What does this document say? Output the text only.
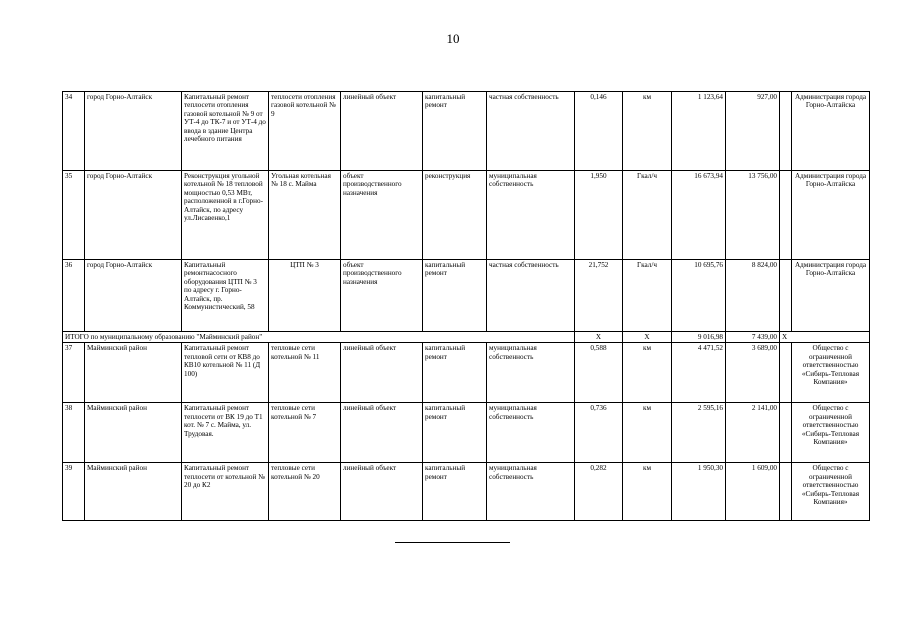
10
34	город Горно-Алтайск	Капитальный ремонт теплосети отопления газовой котельной № 9 от УТ-4 до ТК-7 и от УТ-4 до ввода в здание Центра лечебного питания	теплосети отопления газовой котельной № 9	линейный объект	капитальный ремонт	частная собственность	0,146	км	1 123,64	927,00		Администрация города Горно-Алтайска
35	город Горно-Алтайск	Реконструкция угольной котельной № 18 тепловой мощностью 0,53 МВт, расположенной в г.Горно-Алтайск, по адресу ул.Лисавенко,1	Угольная котельная № 18 с. Майма	объект производственного назначения	реконструкция	муниципальная собственность	1,950	Гкал/ч	16 673,94	13 756,00		Администрация города Горно-Алтайска
36	город Горно-Алтайск	Капитальный ремонтнасосного оборудования ЦТП № 3 по адресу г. Горно-Алтайск, пр. Коммунистический, 58	ЦТП № 3	объект производственного назначения	капитальный ремонт	частная собственность	21,752	Гкал/ч	10 695,76	8 824,00		Администрация города Горно-Алтайска
ИТОГО по муниципальному образованию "Майминский район"							Х	Х	9 016,98	7 439,00	Х	
37	Майминский район	Капитальный ремонт тепловой сети от КВ8 до КВ10 котельной № 11 (Д 100)	тепловые сети котельной № 11	линейный объект	капитальный ремонт	муниципальная собственность	0,588	км	4 471,52	3 689,00		Общество с ограниченной ответственностью «Сибирь-Тепловая Компания»
38	Майминский район	Капитальный ремонт теплосети от ВК 19 до Т1 кот. № 7 с. Майма, ул. Трудовая.	тепловые сети котельной № 7	линейный объект	капитальный ремонт	муниципальная собственность	0,736	км	2 595,16	2 141,00		Общество с ограниченной ответственностью «Сибирь-Тепловая Компания»
39	Майминский район	Капитальный ремонт теплосети от котельной № 20 до К2	тепловые сети котельной № 20	линейный объект	капитальный ремонт	муниципальная собственность	0,282	км	1 950,30	1 609,00		Общество с ограниченной ответственностью «Сибирь-Тепловая Компания»
